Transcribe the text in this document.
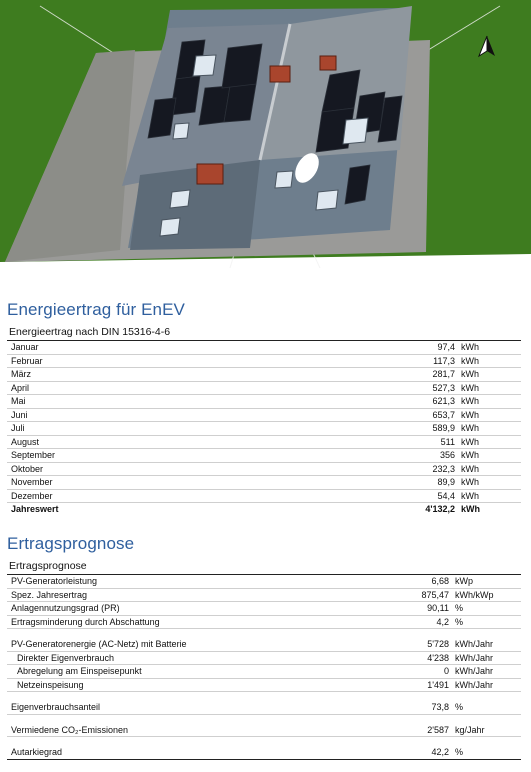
Energieertrag für EnEV
Energieertrag nach DIN 15316-4-6
Januar	97,4 kWh
Februar	117,3 kWh
März	281,7 kWh
April	527,3 kWh
Mai	621,3 kWh
Juni	653,7 kWh
Juli	589,9 kWh
August	511 kWh
September	356 kWh
Oktober	232,3 kWh
November	89,9 kWh
Dezember	54,4 kWh
Jahreswert	4'132,2 kWh
Ertragsprognose
Ertragsprognose
PV-Generatorleistung	6,68 kWp
Spez. Jahresertrag	875,47 kWh/kWp
Anlagennutzungsgrad (PR)	90,11 %
Ertragsminderung durch Abschattung	4,2 %
PV-Generatorenergie (AC-Netz) mit Batterie	5'728 kWh/Jahr
Direkter Eigenverbrauch	4'238 kWh/Jahr
Abregelung am Einspeisepunkt	0 kWh/Jahr
Netzeinspeisung	1'491 kWh/Jahr
Eigenverbrauchsanteil	73,8 %
Vermiedene CO₂-Emissionen	2'587 kg/Jahr
Autarkiegrad	42,2 %
